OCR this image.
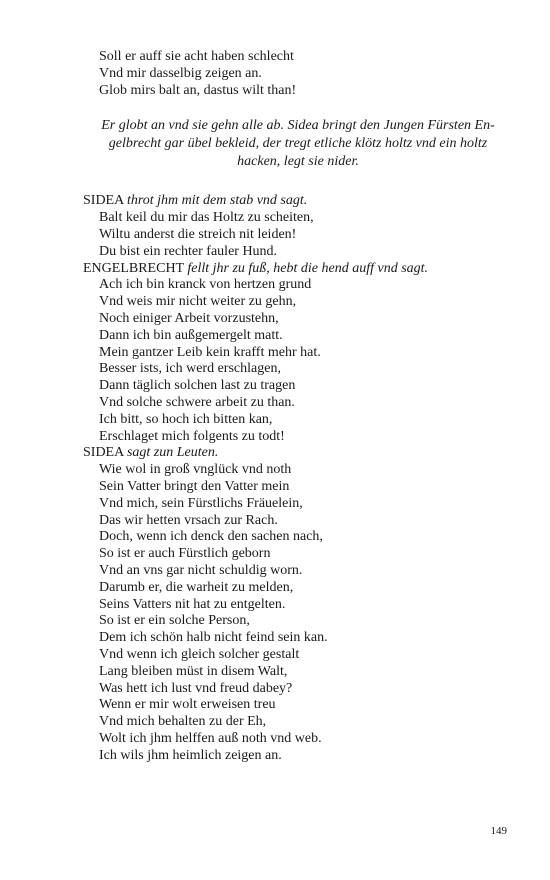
Soll er auff sie acht haben schlecht
Vnd mir dasselbig zeigen an.
Glob mirs balt an, dastus wilt than!
Er globt an vnd sie gehn alle ab. Sidea bringt den Jungen Fürsten En-
gelbrecht gar übel bekleid, der tregt etliche klötz holtz vnd ein holtz
hacken, legt sie nider.
SIDEA throt jhm mit dem stab vnd sagt.
Balt keil du mir das Holtz zu scheiten,
Wiltu anderst die streich nit leiden!
Du bist ein rechter fauler Hund.
ENGELBRECHT fellt jhr zu fuß, hebt die hend auff vnd sagt.
Ach ich bin kranck von hertzen grund
Vnd weis mir nicht weiter zu gehn,
Noch einiger Arbeit vorzustehn,
Dann ich bin außgemergelt matt.
Mein gantzer Leib kein krafft mehr hat.
Besser ists, ich werd erschlagen,
Dann täglich solchen last zu tragen
Vnd solche schwere arbeit zu than.
Ich bitt, so hoch ich bitten kan,
Erschlaget mich folgents zu todt!
SIDEA sagt zun Leuten.
Wie wol in groß vnglück vnd noth
Sein Vatter bringt den Vatter mein
Vnd mich, sein Fürstlichs Fräuelein,
Das wir hetten vrsach zur Rach.
Doch, wenn ich denck den sachen nach,
So ist er auch Fürstlich geborn
Vnd an vns gar nicht schuldig worn.
Darumb er, die warheit zu melden,
Seins Vatters nit hat zu entgelten.
So ist er ein solche Person,
Dem ich schön halb nicht feind sein kan.
Vnd wenn ich gleich solcher gestalt
Lang bleiben müst in disem Walt,
Was hett ich lust vnd freud dabey?
Wenn er mir wolt erweisen treu
Vnd mich behalten zu der Eh,
Wolt ich jhm helffen auß noth vnd web.
Ich wils jhm heimlich zeigen an.
149
